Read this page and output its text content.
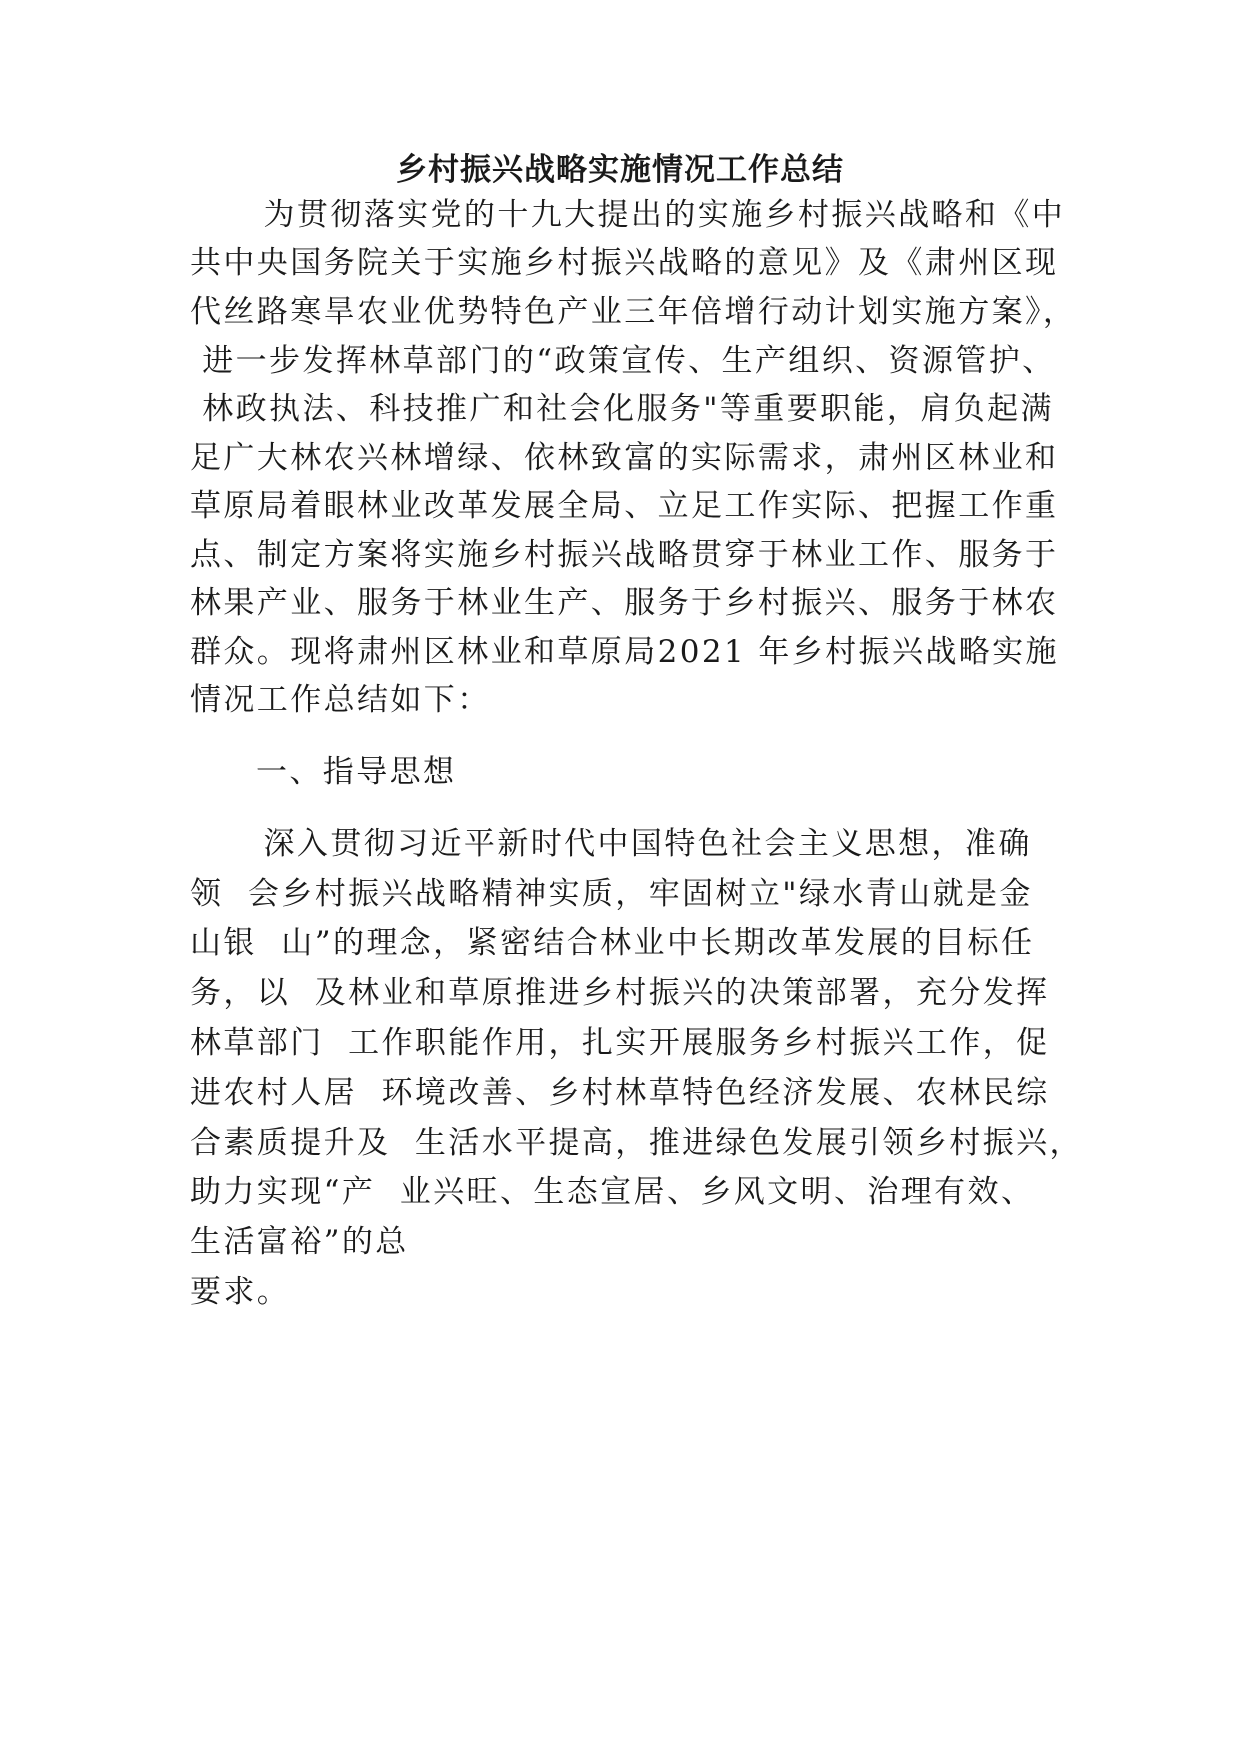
乡村振兴战略实施情况工作总结

为贯彻落实党的十九大提出的实施乡村振兴战略和《中

共中央国务院关于实施乡村振兴战略的意见》及《肃州区现

代丝路寒旱农业优势特色产业三年倍增行动计划实施方案》，

进一步发挥林草部门的“政策宣传、生产组织、资源管护、

林政执法、科技推广和社会化服务"等重要职能，肩负起满

足广大林农兴林增绿、依林致富的实际需求，肃州区林业和

草原局着眼林业改革发展全局、立足工作实际、把握工作重

点、制定方案将实施乡村振兴战略贯穿于林业工作、服务于

林果产业、服务于林业生产、服务于乡村振兴、服务于林农

群众。现将肃州区林业和草原局2021 年乡村振兴战略实施

情况工作总结如下：

一、指导思想

深入贯彻习近平新时代中国特色社会主义思想，准确

领  会乡村振兴战略精神实质，牢固树立"绿水青山就是金

山银  山”的理念，紧密结合林业中长期改革发展的目标任

务，以  及林业和草原推进乡村振兴的决策部署，充分发挥

林草部门  工作职能作用，扎实开展服务乡村振兴工作，促

进农村人居  环境改善、乡村林草特色经济发展、农林民综

合素质提升及  生活水平提高，推进绿色发展引领乡村振兴，

助力实现“产  业兴旺、生态宣居、乡风文明、治理有效、

生活富裕”的总

要求。
